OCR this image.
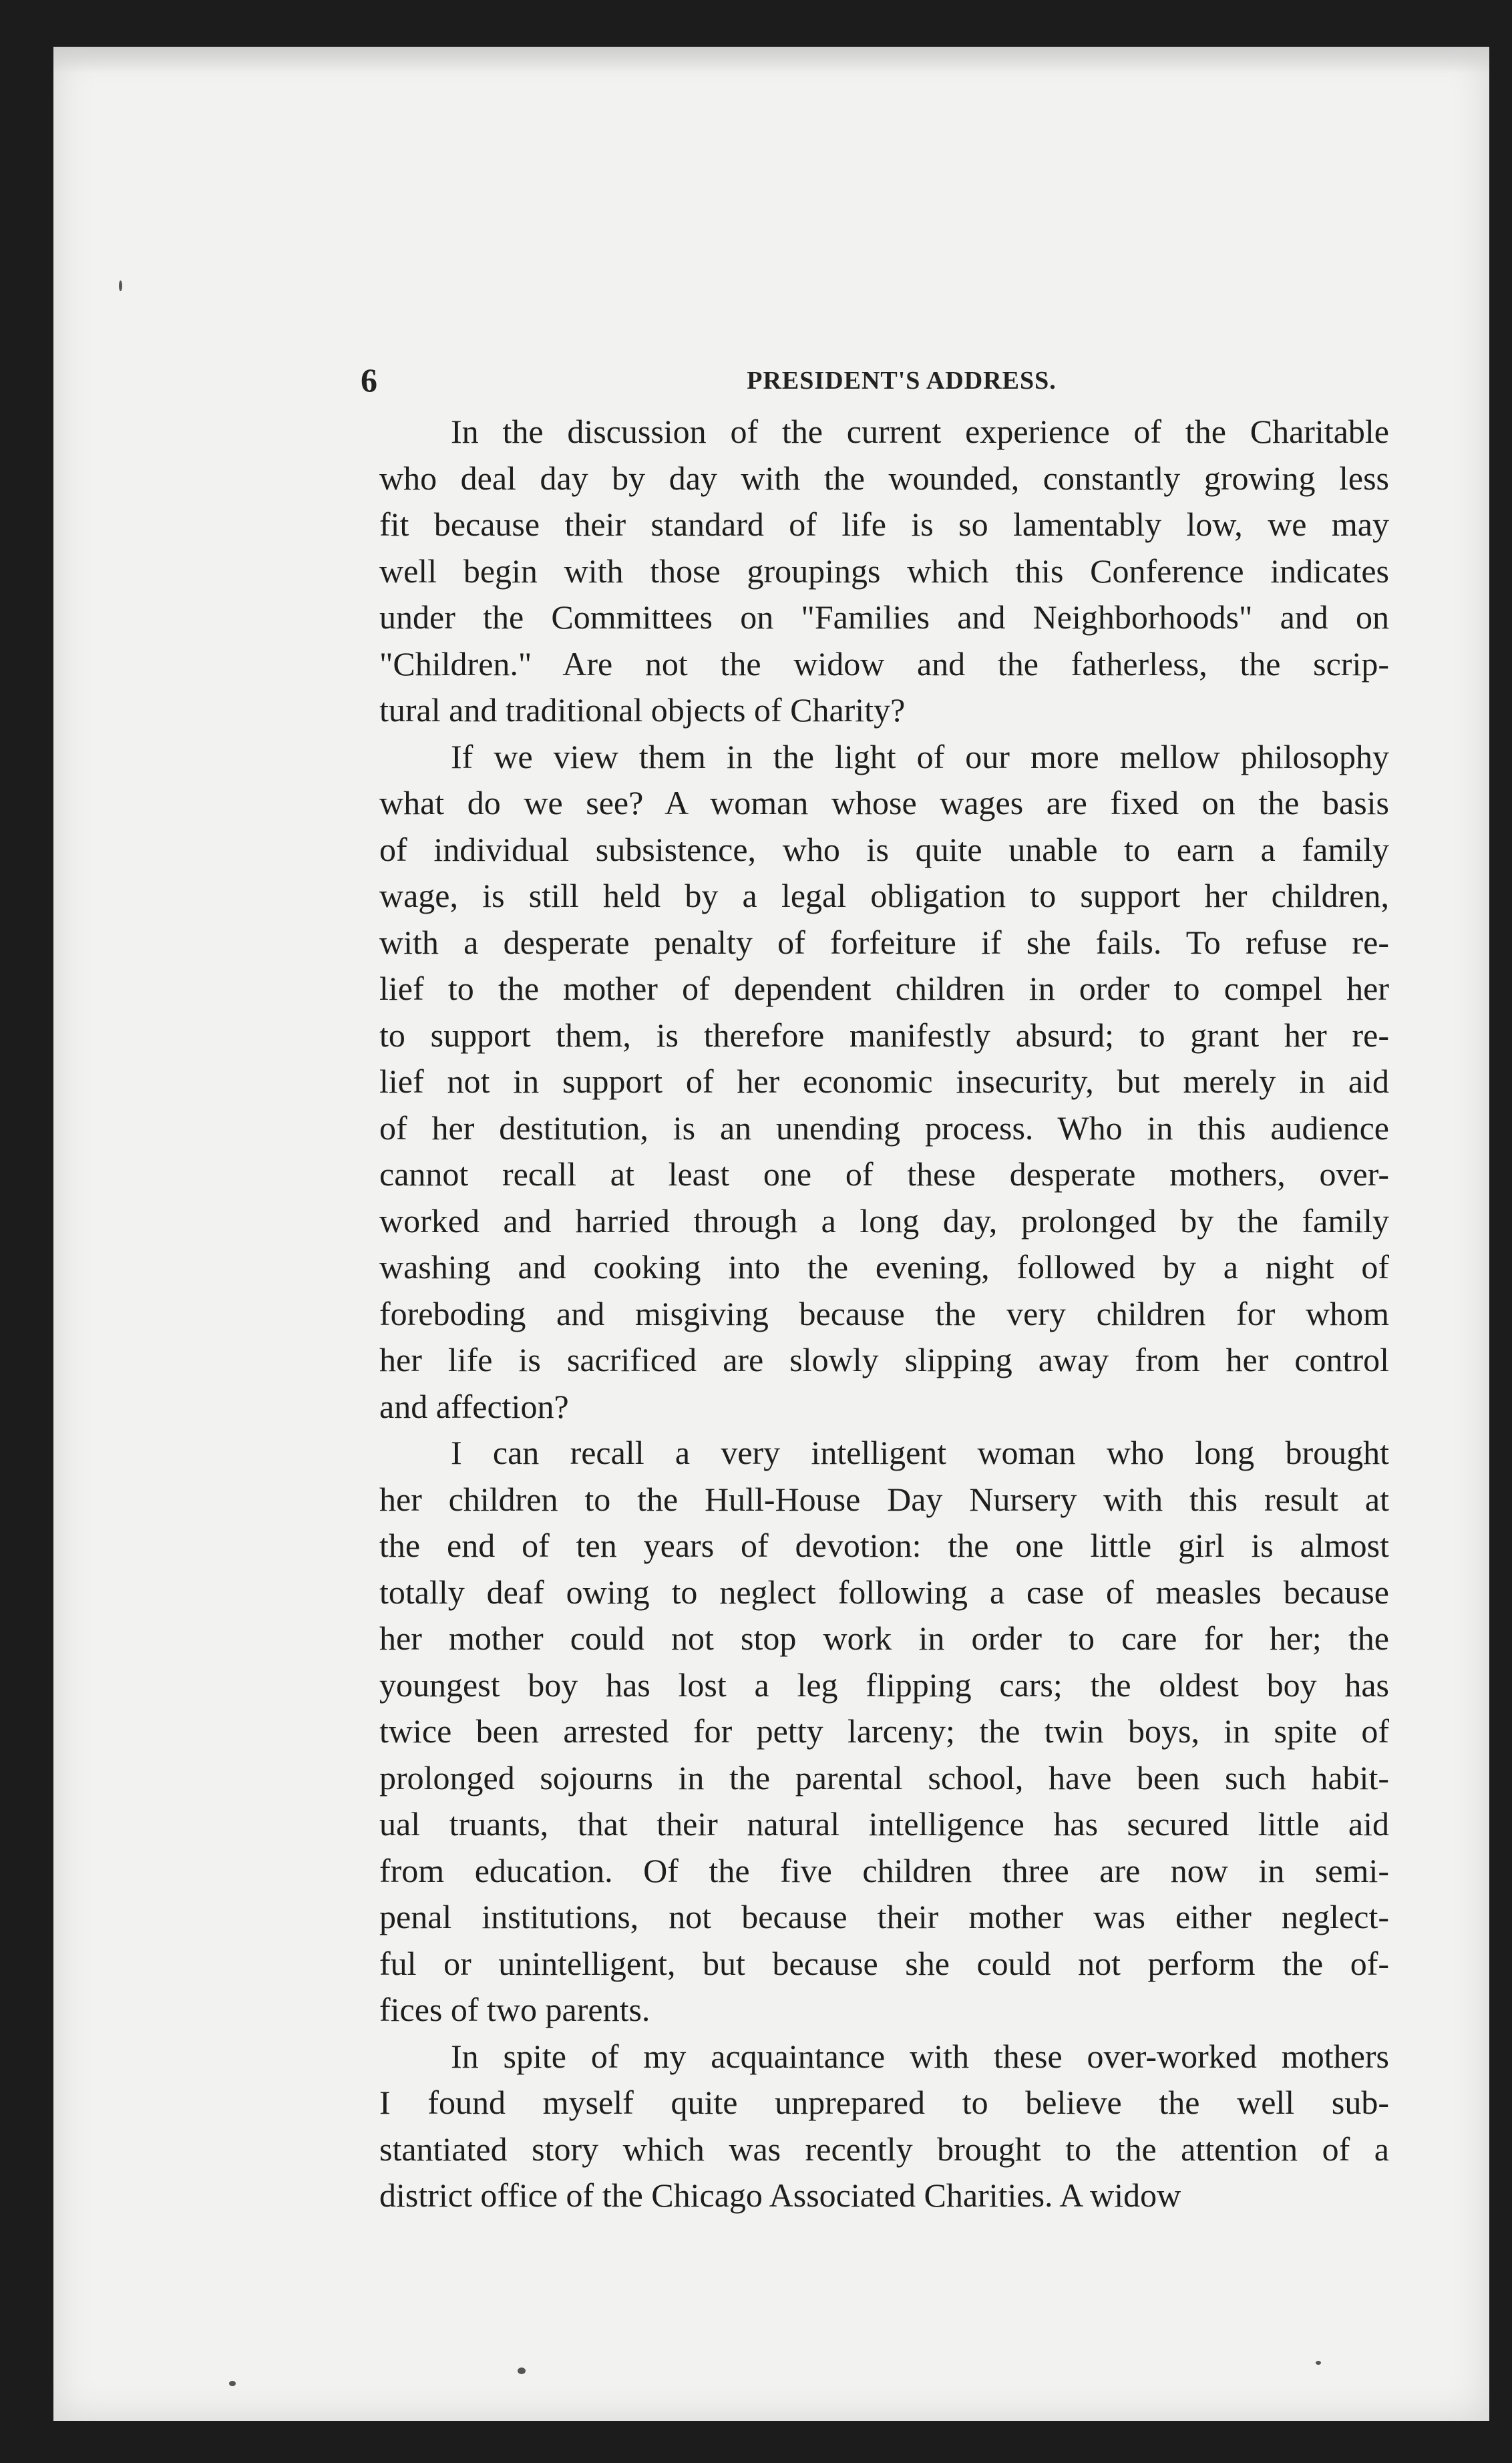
6	PRESIDENT'S ADDRESS.

In the discussion of the current experience of the Charitable
who deal day by day with the wounded, constantly growing less
fit because their standard of life is so lamentably low, we may
well begin with those groupings which this Conference indicates
under the Committees on "Families and Neighborhoods" and on
"Children." Are not the widow and the fatherless, the scrip-
tural and traditional objects of Charity?

If we view them in the light of our more mellow philosophy
what do we see? A woman whose wages are fixed on the basis
of individual subsistence, who is quite unable to earn a family
wage, is still held by a legal obligation to support her children,
with a desperate penalty of forfeiture if she fails. To refuse re-
lief to the mother of dependent children in order to compel her
to support them, is therefore manifestly absurd; to grant her re-
lief not in support of her economic insecurity, but merely in aid
of her destitution, is an unending process. Who in this audience
cannot recall at least one of these desperate mothers, over-
worked and harried through a long day, prolonged by the family
washing and cooking into the evening, followed by a night of
foreboding and misgiving because the very children for whom
her life is sacrificed are slowly slipping away from her control
and affection?

I can recall a very intelligent woman who long brought
her children to the Hull-House Day Nursery with this result at
the end of ten years of devotion: the one little girl is almost
totally deaf owing to neglect following a case of measles because
her mother could not stop work in order to care for her; the
youngest boy has lost a leg flipping cars; the oldest boy has
twice been arrested for petty larceny; the twin boys, in spite of
prolonged sojourns in the parental school, have been such habit-
ual truants, that their natural intelligence has secured little aid
from education. Of the five children three are now in semi-
penal institutions, not because their mother was either neglect-
ful or unintelligent, but because she could not perform the of-
fices of two parents.

In spite of my acquaintance with these over-worked mothers
I found myself quite unprepared to believe the well sub-
stantiated story which was recently brought to the attention of a
district office of the Chicago Associated Charities. A widow
